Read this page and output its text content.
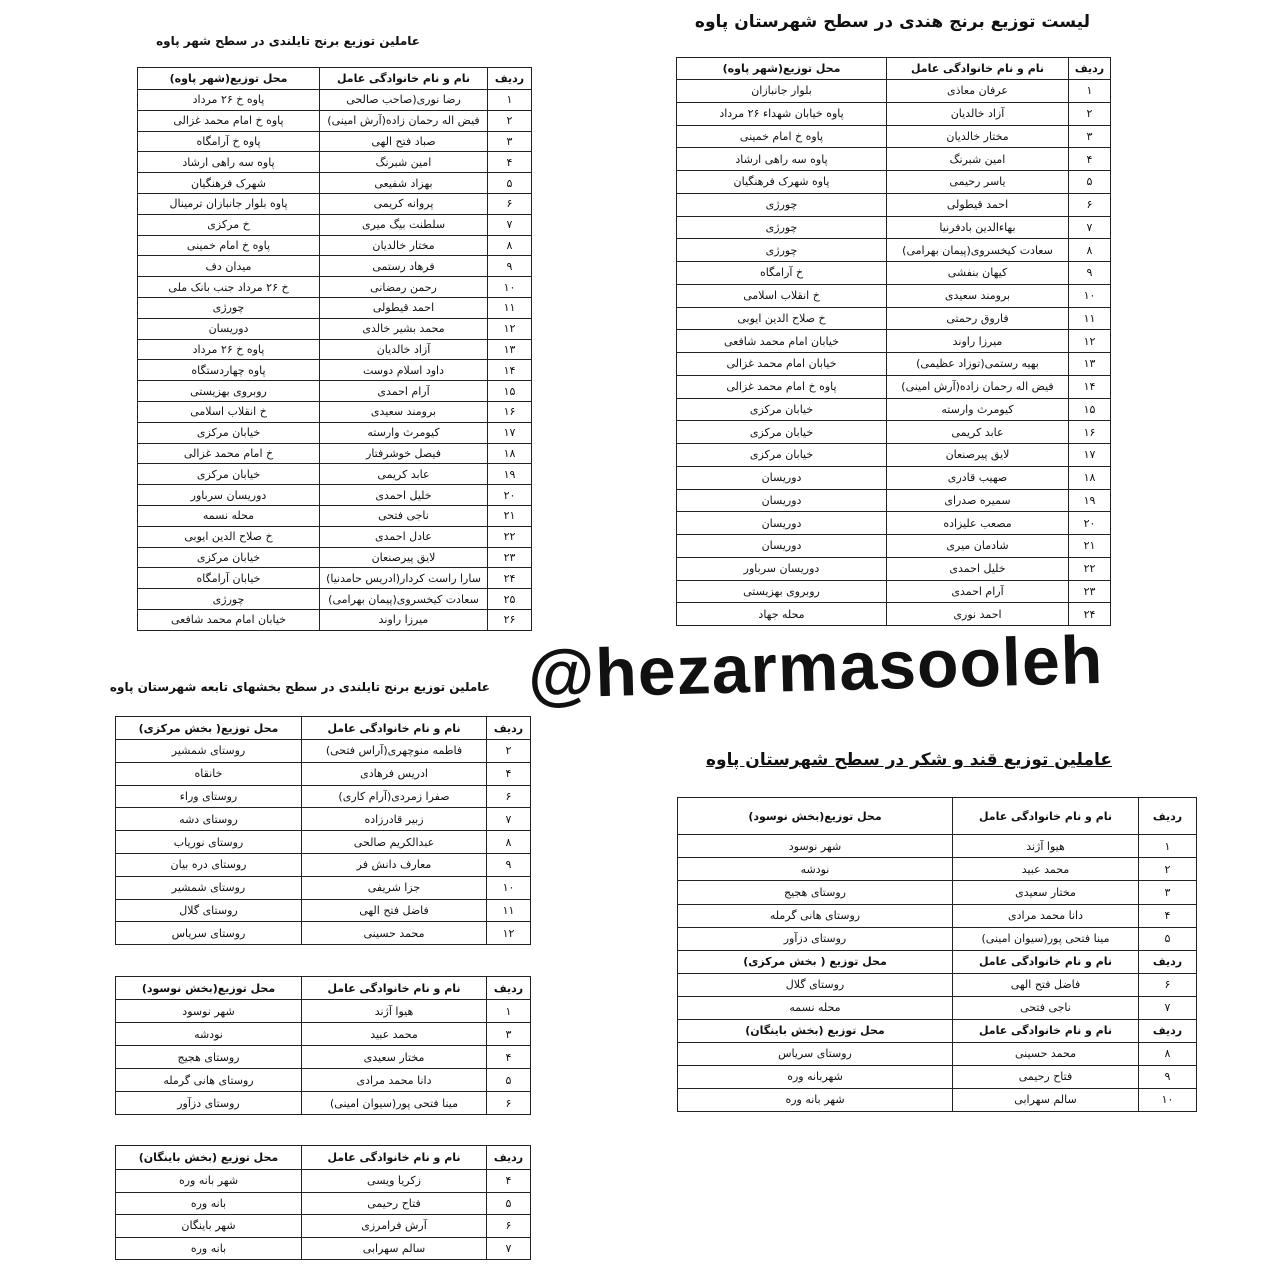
عاملین توزیع برنج تایلندی در سطح شهر پاوه
ردیف	نام و نام خانوادگی عامل	محل توزیع(شهر پاوه)
١	رضا نوری(صاحب صالحی	پاوه خ ٢۶ مرداد
٢	فیض اله رحمان زاده(آرش امینی)	پاوه خ امام محمد غزالی
٣	صباد فتح الهی	پاوه خ آرامگاه
۴	امین شبرنگ	پاوه سه راهی ارشاد
۵	بهزاد شفیعی	شهرک فرهنگیان
۶	پروانه کریمی	پاوه بلوار جانبازان ترمینال
٧	سلطنت بیگ میری	خ مرکزی
٨	مختار خالدیان	پاوه خ امام خمینی
٩	فرهاد رستمی	میدان دف
١٠	رحمن رمضانی	خ ٢۶ مرداد جنب بانک ملی
١١	احمد قیطولی	چورژی
١٢	محمد بشیر خالدی	دوریسان
١٣	آزاد خالدیان	پاوه خ ٢۶ مرداد
١۴	داود اسلام دوست	پاوه چهاردستگاه
١۵	آرام احمدی	روبروی بهزیستی
١۶	برومند سعیدی	خ انقلاب اسلامی
١٧	کیومرث وارسته	خیابان مرکزی
١٨	فیصل خوشرفتار	خ امام محمد غزالی
١٩	عابد کریمی	خیابان مرکزی
٢٠	خلیل احمدی	دوریسان سرباور
٢١	ناجی فتحی	محله نسمه
٢٢	عادل احمدی	خ صلاح الدین ایوبی
٢٣	لایق پیرصنعان	خیابان مرکزی
٢۴	سارا راست کردار(ادریس حامدنیا)	خیابان آرامگاه
٢۵	سعادت کیخسروی(پیمان بهرامی)	چورژی
٢۶	میرزا راوند	خیابان امام محمد شافعی
لیست توزیع برنج هندی در سطح شهرستان پاوه
ردیف	نام و نام خانوادگی عامل	محل توزیع(شهر پاوه)
١	عرفان معاذی	بلوار جانبازان
٢	آزاد خالدیان	پاوه خیابان شهداء ٢۶ مرداد
٣	مختار خالدیان	پاوه خ امام خمینی
۴	امین شبرنگ	پاوه سه راهی ارشاد
۵	یاسر رحیمی	پاوه شهرک فرهنگیان
۶	احمد قیطولی	چورژی
٧	بهاءالدین بادفرنیا	چورژی
٨	سعادت کیخسروی(پیمان بهرامی)	چورژی
٩	کیهان بنفشی	خ آرامگاه
١٠	برومند سعیدی	خ انقلاب اسلامی
١١	فاروق رحمتی	خ صلاح الدین ایوبی
١٢	میرزا راوند	خیابان امام محمد شافعی
١٣	بهیه رستمی(توزاد عظیمی)	خیابان امام محمد غزالی
١۴	فیض اله رحمان زاده(آرش امینی)	پاوه خ امام محمد غزالی
١۵	کیومرث وارسته	خیابان مرکزی
١۶	عابد کریمی	خیابان مرکزی
١٧	لایق پیرصنعان	خیابان مرکزی
١٨	صهیب قادری	دوریسان
١٩	سمیره صدرای	دوریسان
٢٠	مصعب علیزاده	دوریسان
٢١	شادمان میری	دوریسان
٢٢	خلیل احمدی	دوریسان سرباور
٢٣	آرام احمدی	روبروی بهزیستی
٢۴	احمد نوری	محله جهاد
عاملین توزیع برنج تایلندی در سطح بخشهای تابعه شهرستان پاوه
ردیف	نام و نام خانوادگی عامل	محل توزیع( بخش مرکزی)
٢	فاطمه منوچهری(آراس فتحی)	روستای شمشیر
۴	ادریس فرهادی	خانقاه
۶	صفرا زمردی(آرام کاری)	روستای وراء
٧	زبیر قادرزاده	روستای دشه
٨	عبدالکریم صالحی	روستای نوریاب
٩	معارف دانش فر	روستای دره بیان
١٠	جزا شریفی	روستای شمشیر
١١	فاضل فتح الهی	روستای گلال
١٢	محمد حسینی	روستای سریاس
ردیف	نام و نام خانوادگی عامل	محل توزیع(بخش نوسود)
١	هیوا آژند	شهر نوسود
٣	محمد عبید	نودشه
۴	مختار سعیدی	روستای هجیج
۵	دانا محمد مرادی	روستای هانی گرمله
۶	مینا فتحی پور(سیوان امینی)	روستای دزآور
ردیف	نام و نام خانوادگی عامل	محل توزیع (بخش باینگان)
۴	زکریا ویسی	شهر بانه وره
۵	فتاح رحیمی	بانه وره
۶	آرش فرامرزی	شهر باینگان
٧	سالم سهرابی	بانه وره
عاملین توزیع قند و شکر در سطح شهرستان پاوه
ردیف	نام و نام خانوادگی عامل	محل توزیع(بخش نوسود)
١	هیوا آژند	شهر نوسود
٢	محمد عبید	نودشه
٣	مختار سعیدی	روستای هجیج
۴	دانا محمد مرادی	روستای هانی گرمله
۵	مینا فتحی پور(سیوان امینی)	روستای دزآور
ردیف	نام و نام خانوادگی عامل	محل توزیع ( بخش مرکزی)
۶	فاضل فتح الهی	روستای گلال
٧	ناجی فتحی	محله نسمه
ردیف	نام و نام خانوادگی عامل	محل توزیع (بخش باینگان)
٨	محمد حسینی	روستای سریاس
٩	فتاح رحیمی	شهربانه وره
١٠	سالم سهرابی	شهر بانه وره
@hezarmasooleh
